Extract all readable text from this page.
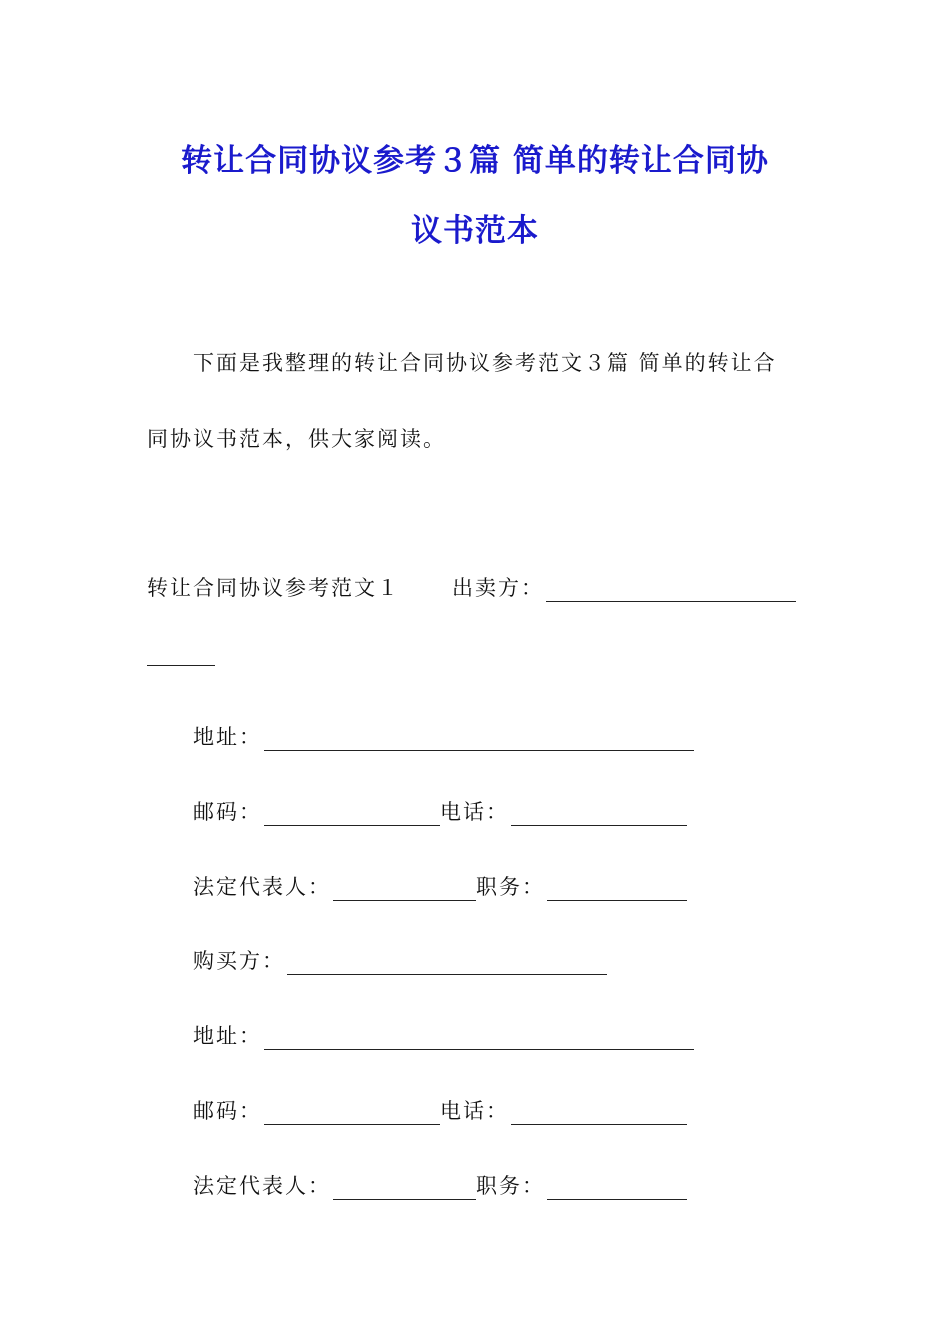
转让合同协议参考３篇 简单的转让合同协
议书范本
下面是我整理的转让合同协议参考范文３篇 简单的转让合
同协议书范本，供大家阅读。
转让合同协议参考范文１ 出卖方：
地址：
邮码：	电话：
法定代表人：	职务：
购买方：
地址：
邮码：	电话：
法定代表人：	职务：
